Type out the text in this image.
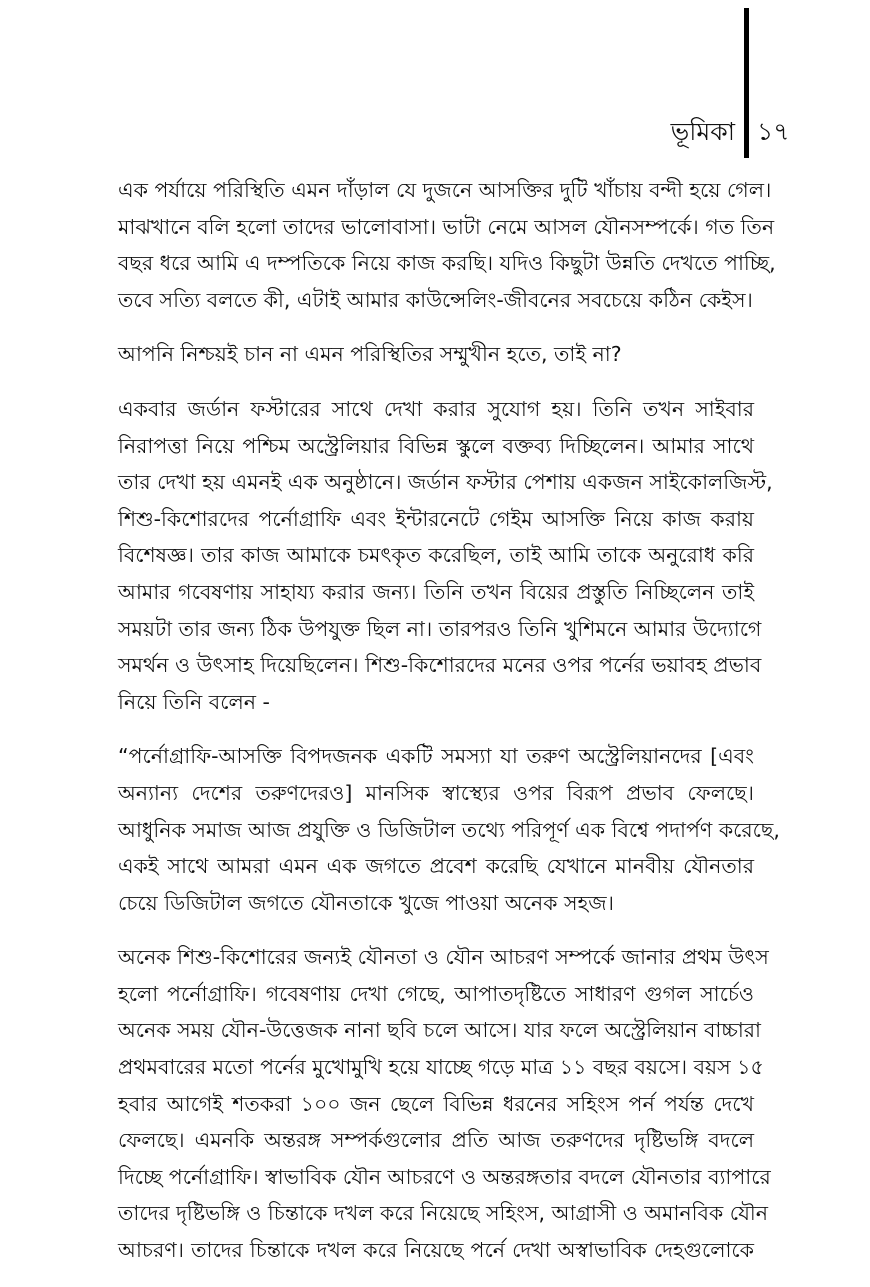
ভূমিকা ১৭
এক পর্যায়ে পরিস্থিতি এমন দাঁড়াল যে দুজনে আসক্তির দুটি খাঁচায় বন্দী হয়ে গেল।
মাঝখানে বলি হলো তাদের ভালোবাসা। ভাটা নেমে আসল যৌনসম্পর্কে। গত তিন
বছর ধরে আমি এ দম্পতিকে নিয়ে কাজ করছি। যদিও কিছুটা উন্নতি দেখতে পাচ্ছি,
তবে সত্যি বলতে কী, এটাই আমার কাউন্সেলিং-জীবনের সবচেয়ে কঠিন কেইস।
আপনি নিশ্চয়ই চান না এমন পরিস্থিতির সম্মুখীন হতে, তাই না?
একবার জর্ডান ফস্টারের সাথে দেখা করার সুযোগ হয়। তিনি তখন সাইবার
নিরাপত্তা নিয়ে পশ্চিম অস্ট্রেলিয়ার বিভিন্ন স্কুলে বক্তব্য দিচ্ছিলেন। আমার সাথে
তার দেখা হয় এমনই এক অনুষ্ঠানে। জর্ডান ফস্টার পেশায় একজন সাইকোলজিস্ট,
শিশু-কিশোরদের পর্নোগ্রাফি এবং ইন্টারনেটে গেইম আসক্তি নিয়ে কাজ করায়
বিশেষজ্ঞ। তার কাজ আমাকে চমৎকৃত করেছিল, তাই আমি তাকে অনুরোধ করি
আমার গবেষণায় সাহায্য করার জন্য। তিনি তখন বিয়ের প্রস্তুতি নিচ্ছিলেন তাই
সময়টা তার জন্য ঠিক উপযুক্ত ছিল না। তারপরও তিনি খুশিমনে আমার উদ্যোগে
সমর্থন ও উৎসাহ দিয়েছিলেন। শিশু-কিশোরদের মনের ওপর পর্নের ভয়াবহ প্রভাব
নিয়ে তিনি বলেন -
“পর্নোগ্রাফি-আসক্তি বিপদজনক একটি সমস্যা যা তরুণ অস্ট্রেলিয়ানদের [এবং
অন্যান্য দেশের তরুণদেরও] মানসিক স্বাস্থ্যের ওপর বিরূপ প্রভাব ফেলছে।
আধুনিক সমাজ আজ প্রযুক্তি ও ডিজিটাল তথ্যে পরিপূর্ণ এক বিশ্বে পদার্পণ করেছে,
একই সাথে আমরা এমন এক জগতে প্রবেশ করেছি যেখানে মানবীয় যৌনতার
চেয়ে ডিজিটাল জগতে যৌনতাকে খুজে পাওয়া অনেক সহজ।
অনেক শিশু-কিশোরের জন্যই যৌনতা ও যৌন আচরণ সম্পর্কে জানার প্রথম উৎস
হলো পর্নোগ্রাফি। গবেষণায় দেখা গেছে, আপাতদৃষ্টিতে সাধারণ গুগল সার্চেও
অনেক সময় যৌন-উত্তেজক নানা ছবি চলে আসে। যার ফলে অস্ট্রেলিয়ান বাচ্চারা
প্রথমবারের মতো পর্নের মুখোমুখি হয়ে যাচ্ছে গড়ে মাত্র ১১ বছর বয়সে। বয়স ১৫
হবার আগেই শতকরা ১০০ জন ছেলে বিভিন্ন ধরনের সহিংস পর্ন পর্যন্ত দেখে
ফেলছে। এমনকি অন্তরঙ্গ সম্পর্কগুলোর প্রতি আজ তরুণদের দৃষ্টিভঙ্গি বদলে
দিচ্ছে পর্নোগ্রাফি। স্বাভাবিক যৌন আচরণে ও অন্তরঙ্গতার বদলে যৌনতার ব্যাপারে
তাদের দৃষ্টিভঙ্গি ও চিন্তাকে দখল করে নিয়েছে সহিংস, আগ্রাসী ও অমানবিক যৌন
আচরণ। তাদের চিন্তাকে দখল করে নিয়েছে পর্নে দেখা অস্বাভাবিক দেহগুলোকে
